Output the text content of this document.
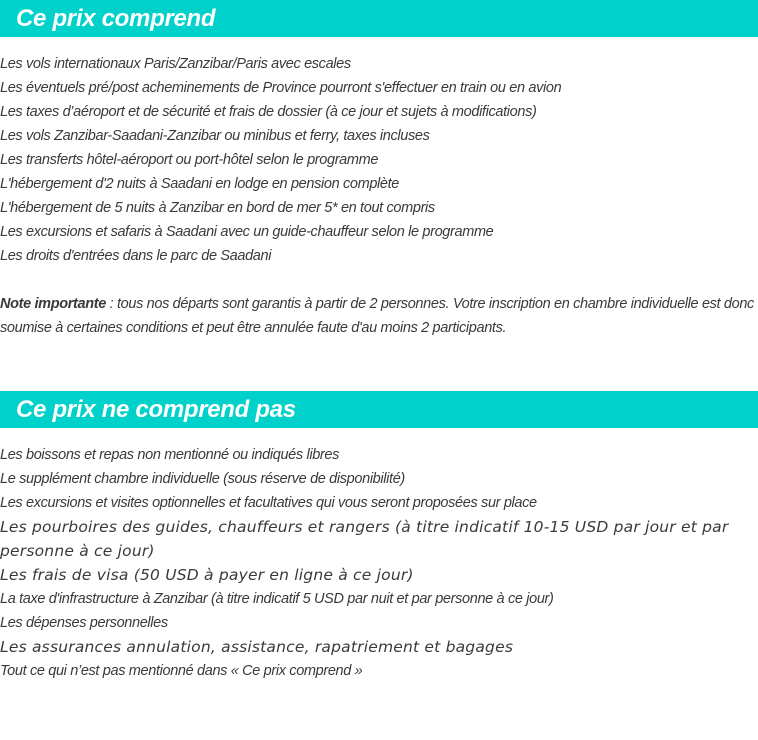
Ce prix comprend
Les vols internationaux Paris/Zanzibar/Paris avec escales
Les éventuels pré/post acheminements de Province pourront s'effectuer en train ou en avion
Les taxes d’aéroport et de sécurité et frais de dossier (à ce jour et sujets à modifications)
Les vols Zanzibar-Saadani-Zanzibar ou minibus et ferry, taxes incluses
Les transferts hôtel-aéroport ou port-hôtel selon le programme
L'hébergement d'2 nuits à Saadani en lodge en pension complète
L'hébergement de 5 nuits à Zanzibar en bord de mer 5* en tout compris
Les excursions et safaris à Saadani avec un guide-chauffeur selon le programme
Les droits d'entrées dans le parc de Saadani

Note importante : tous nos départs sont garantis à partir de 2 personnes. Votre inscription en chambre individuelle est donc soumise à certaines conditions et peut être annulée faute d'au moins 2 participants.

Ce prix ne comprend pas
Les boissons et repas non mentionné ou indiqués libres
Le supplément chambre individuelle (sous réserve de disponibilité)
Les excursions et visites optionnelles et facultatives qui vous seront proposées sur place
Les pourboires des guides, chauffeurs et rangers (à titre indicatif 10-15 USD par jour et par personne à ce jour)
Les frais de visa (50 USD à payer en ligne à ce jour)
La taxe d'infrastructure à Zanzibar (à titre indicatif 5 USD par nuit et par personne à ce jour)
Les dépenses personnelles
Les assurances annulation, assistance, rapatriement et bagages
Tout ce qui n’est pas mentionné dans « Ce prix comprend »
